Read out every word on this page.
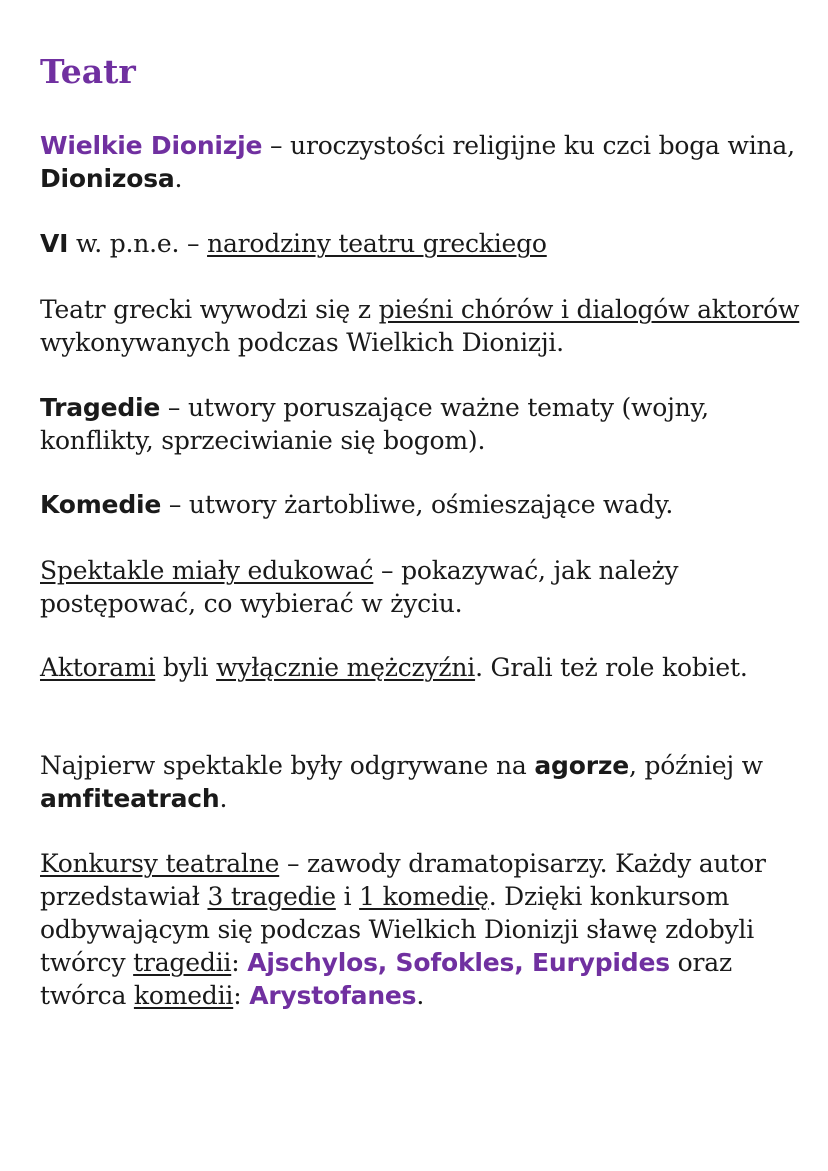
Teatr

Wielkie Dionizje – uroczystości religijne ku czci boga wina, Dionizosa.

VI w. p.n.e. – narodziny teatru greckiego

Teatr grecki wywodzi się z pieśni chórów i dialogów aktorów wykonywanych podczas Wielkich Dionizji.

Tragedie – utwory poruszające ważne tematy (wojny, konflikty, sprzeciwianie się bogom).

Komedie – utwory żartobliwe, ośmieszające wady.

Spektakle miały edukować – pokazywać, jak należy postępować, co wybierać w życiu.

Aktorami byli wyłącznie mężczyźni. Grali też role kobiet.

Najpierw spektakle były odgrywane na agorze, później w amfiteatrach.

Konkursy teatralne – zawody dramatopisarzy. Każdy autor przedstawiał 3 tragedie i 1 komedię. Dzięki konkursom odbywającym się podczas Wielkich Dionizji sławę zdobyli twórcy tragedii: Ajschylos, Sofokles, Eurypides oraz twórca komedii: Arystofanes.
